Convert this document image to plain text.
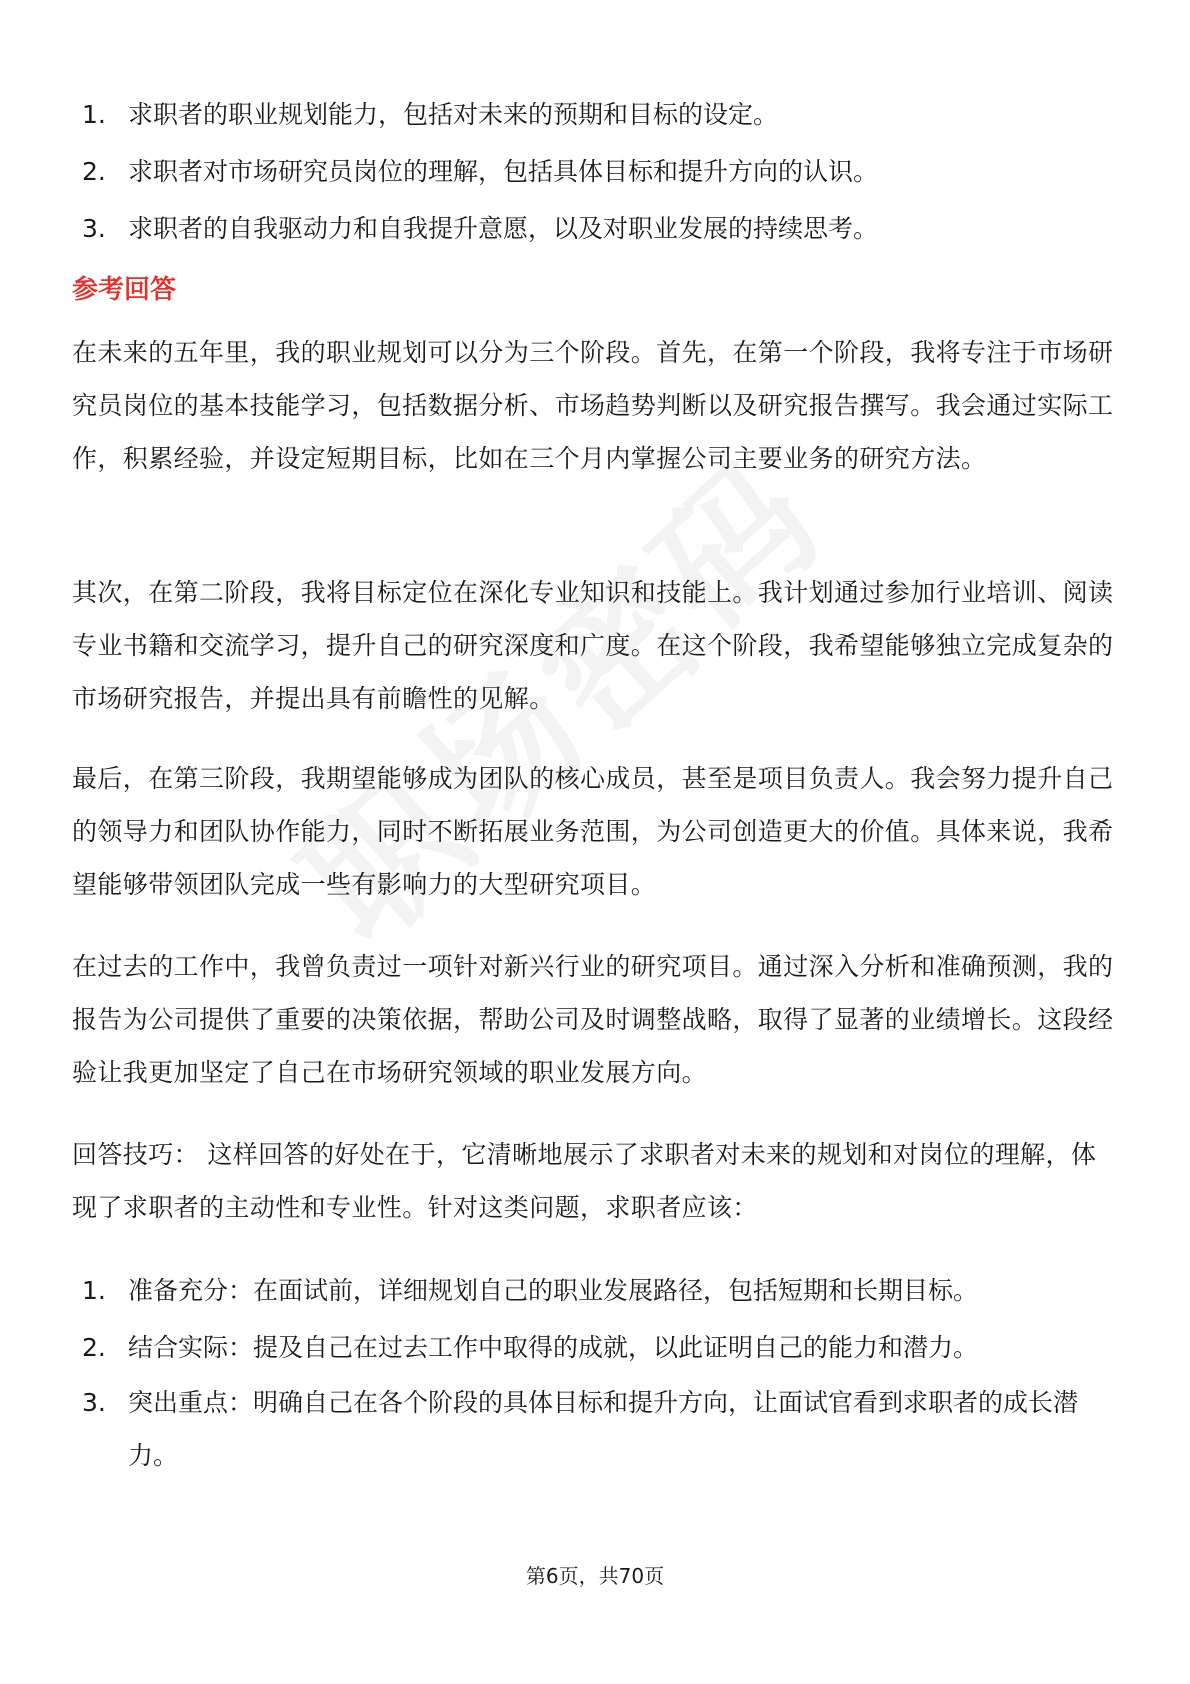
1. 求职者的职业规划能力，包括对未来的预期和目标的设定。
2. 求职者对市场研究员岗位的理解，包括具体目标和提升方向的认识。
3. 求职者的自我驱动力和自我提升意愿，以及对职业发展的持续思考。
参考回答

在未来的五年里，我的职业规划可以分为三个阶段。首先，在第一个阶段，我将专注于市场研究员岗位的基本技能学习，包括数据分析、市场趋势判断以及研究报告撰写。我会通过实际工作，积累经验，并设定短期目标，比如在三个月内掌握公司主要业务的研究方法。

其次，在第二阶段，我将目标定位在深化专业知识和技能上。我计划通过参加行业培训、阅读专业书籍和交流学习，提升自己的研究深度和广度。在这个阶段，我希望能够独立完成复杂的市场研究报告，并提出具有前瞻性的见解。

最后，在第三阶段，我期望能够成为团队的核心成员，甚至是项目负责人。我会努力提升自己的领导力和团队协作能力，同时不断拓展业务范围，为公司创造更大的价值。具体来说，我希望能够带领团队完成一些有影响力的大型研究项目。

在过去的工作中，我曾负责过一项针对新兴行业的研究项目。通过深入分析和准确预测，我的报告为公司提供了重要的决策依据，帮助公司及时调整战略，取得了显著的业绩增长。这段经验让我更加坚定了自己在市场研究领域的职业发展方向。

回答技巧： 这样回答的好处在于，它清晰地展示了求职者对未来的规划和对岗位的理解，体现了求职者的主动性和专业性。针对这类问题，求职者应该：

1. 准备充分：在面试前，详细规划自己的职业发展路径，包括短期和长期目标。
2. 结合实际：提及自己在过去工作中取得的成就，以此证明自己的能力和潜力。
3. 突出重点：明确自己在各个阶段的具体目标和提升方向，让面试官看到求职者的成长潜力。
第6页，共70页
